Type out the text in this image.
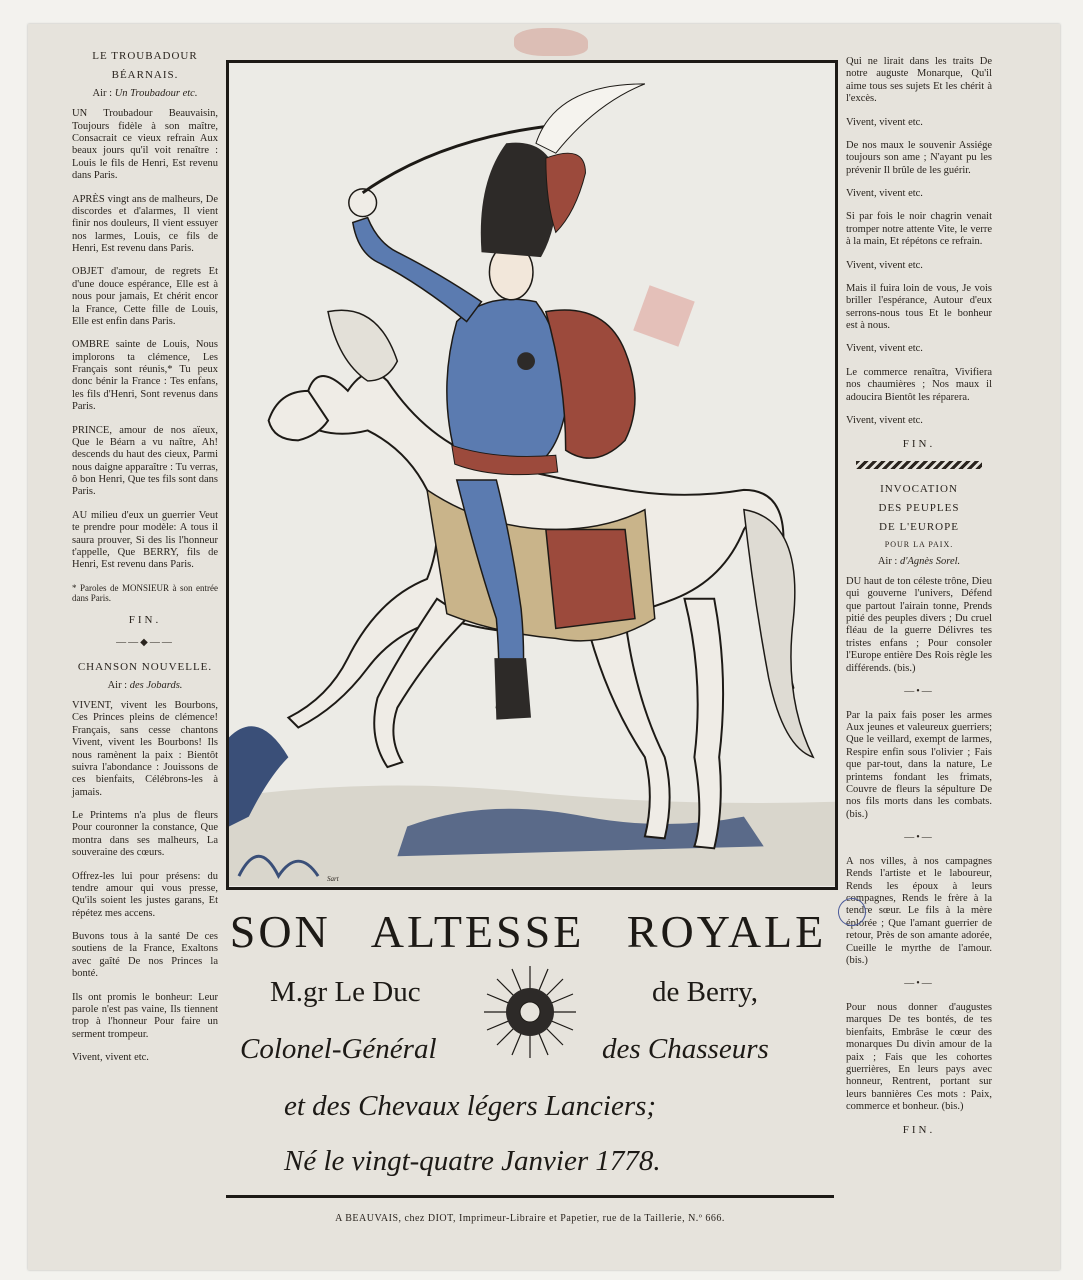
LE TROUBADOUR
BÉARNAIS.
Air : Un Troubadour etc.
UN Troubadour Beauvaisin, Toujours fidèle à son maître, Consacrait ce vieux refrain Aux beaux jours qu'il voit renaître : Louis le fils de Henri, Est revenu dans Paris.
APRÈS vingt ans de malheurs, De discordes et d'alarmes, Il vient finir nos douleurs, Il vient essuyer nos larmes, Louis, ce fils de Henri, Est revenu dans Paris.
OBJET d'amour, de regrets Et d'une douce espérance, Elle est à nous pour jamais, Et chérit encor la France, Cette fille de Louis, Elle est enfin dans Paris.
OMBRE sainte de Louis, Nous implorons ta clémence, Les Français sont réunis,* Tu peux donc bénir la France : Tes enfans, les fils d'Henri, Sont revenus dans Paris.
PRINCE, amour de nos aïeux, Que le Béarn a vu naître, Ah! descends du haut des cieux, Parmi nous daigne apparaître : Tu verras, ô bon Henri, Que tes fils sont dans Paris.
AU milieu d'eux un guerrier Veut te prendre pour modèle: A tous il saura prouver, Si des lis l'honneur t'appelle, Que BERRY, fils de Henri, Est revenu dans Paris.
* Paroles de MONSIEUR à son entrée dans Paris.
FIN.
——◆——
CHANSON NOUVELLE.
Air : des Jobards.
VIVENT, vivent les Bourbons, Ces Princes pleins de clémence! Français, sans cesse chantons Vivent, vivent les Bourbons! Ils nous ramènent la paix : Bientôt suivra l'abondance : Jouissons de ces bienfaits, Célébrons-les à jamais.
Le Printems n'a plus de fleurs Pour couronner la constance, Que montra dans ses malheurs, La souveraine des cœurs.
Offrez-les lui pour présens: du tendre amour qui vous presse, Qu'ils soient les justes garans, Et répétez mes accens.
Buvons tous à la santé De ces soutiens de la France, Exaltons avec gaîté De nos Princes la bonté.
Ils ont promis le bonheur: Leur parole n'est pas vaine, Ils tiennent trop à l'honneur Pour faire un serment trompeur.
Vivent, vivent etc.
Sart
Qui ne lirait dans les traits De notre auguste Monarque, Qu'il aime tous ses sujets Et les chérit à l'excès.
Vivent, vivent etc.
De nos maux le souvenir Assiége toujours son ame ; N'ayant pu les prévenir Il brûle de les guérir.
Vivent, vivent etc.
Si par fois le noir chagrin venait tromper notre attente Vite, le verre à la main, Et répétons ce refrain.
Vivent, vivent etc.
Mais il fuira loin de vous, Je vois briller l'espérance, Autour d'eux serrons-nous tous Et le bonheur est à nous.
Vivent, vivent etc.
Le commerce renaîtra, Vivifiera nos chaumières ; Nos maux il adoucira Bientôt les réparera.
Vivent, vivent etc.
FIN.
INVOCATION
DES PEUPLES
DE L'EUROPE
POUR LA PAIX.
Air : d'Agnès Sorel.
DU haut de ton céleste trône, Dieu qui gouverne l'univers, Défend que partout l'airain tonne, Prends pitié des peuples divers ; Du cruel fléau de la guerre Délivres tes tristes enfans ; Pour consoler l'Europe entière Des Rois règle les différends. (bis.)
—•—
Par la paix fais poser les armes Aux jeunes et valeureux guerriers; Que le veillard, exempt de larmes, Respire enfin sous l'olivier ; Fais que par-tout, dans la nature, Le printems fondant les frimats, Couvre de fleurs la sépulture De nos fils morts dans les combats. (bis.)
—•—
A nos villes, à nos campagnes Rends l'artiste et le laboureur, Rends les époux à leurs compagnes, Rends le frère à la tendre sœur. Le fils à la mère éplorée ; Que l'amant guerrier de retour, Près de son amante adorée, Cueille le myrthe de l'amour. (bis.)
—•—
Pour nous donner d'augustes marques De tes bontés, de tes bienfaits, Embrâse le cœur des monarques Du divin amour de la paix ; Fais que les cohortes guerrières, En leurs pays avec honneur, Rentrent, portant sur leurs bannières Ces mots : Paix, commerce et bonheur. (bis.)
FIN.
SON ALTESSE ROYALE
M.gr Le Duc	de Berry,
Colonel-Général	des Chasseurs
et des Chevaux légers Lanciers;
Né le vingt-quatre Janvier 1778.
A BEAUVAIS, chez DIOT, Imprimeur-Libraire et Papetier, rue de la Taillerie, N.º 666.
